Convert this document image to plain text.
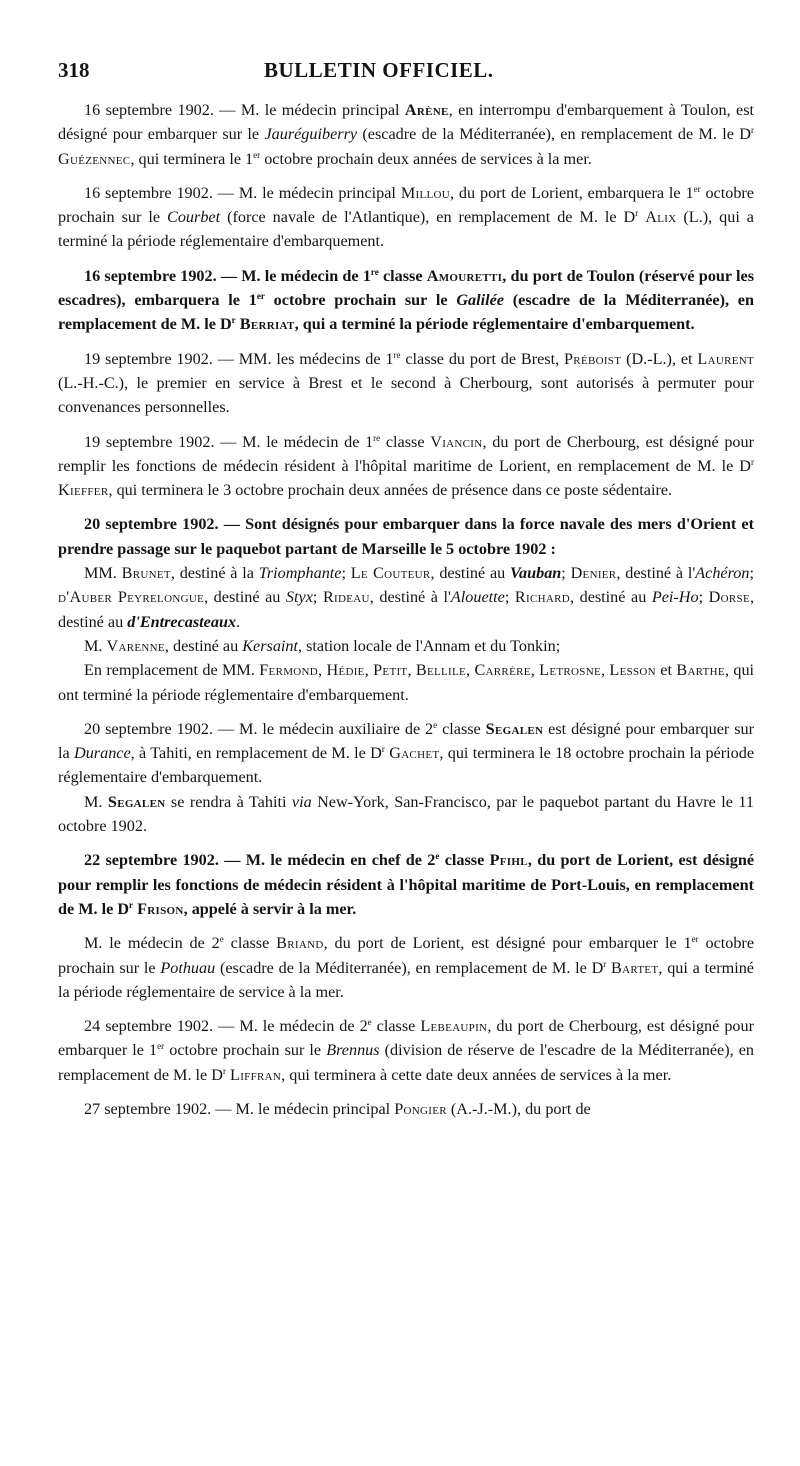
318	BULLETIN OFFICIEL.

16 septembre 1902. — M. le médecin principal Arène, en interrompu d'embarquement à Toulon, est désigné pour embarquer sur le Jauréguiberry (escadre de la Méditerranée), en remplacement de M. le $D^r$ Guézennec, qui terminera le 1er octobre prochain deux années de services à la mer.

16 septembre 1902. — M. le médecin principal Millou, du port de Lorient, embarquera le 1er octobre prochain sur le Courbet (force navale de l'Atlantique), en remplacement de M. le $D^r$ Alix (L.), qui a terminé la période réglementaire d'embarquement.

16 septembre 1902. — M. le médecin de 1re classe Amouretti, du port de Toulon (réservé pour les escadres), embarquera le 1er octobre prochain sur le Galilée (escadre de la Méditerranée), en remplacement de M. le $D^r$ Berriat, qui a terminé la période réglementaire d'embarquement.

19 septembre 1902. — MM. les médecins de 1re classe du port de Brest, Préboist (D.-L.), et Laurent (L.-H.-C.), le premier en service à Brest et le second à Cherbourg, sont autorisés à permuter pour convenances personnelles.

19 septembre 1902. — M. le médecin de 1re classe Viancin, du port de Cherbourg, est désigné pour remplir les fonctions de médecin résident à l'hôpital maritime de Lorient, en remplacement de M. le $D^r$ Kieffer, qui terminera le 3 octobre prochain deux années de présence dans ce poste sédentaire.

20 septembre 1902. — Sont désignés pour embarquer dans la force navale des mers d'Orient et prendre passage sur le paquebot partant de Marseille le 5 octobre 1902 :

MM. Brunet, destiné à la Triomphante; Le Couteur, destiné au Vauban; Denier, destiné à l'Achéron; d'Auber Peyrelongue, destiné au Styx; Rideau, destiné à l'Alouette; Richard, destiné au Pei-Ho; Dorse, destiné au d'Entrecasteaux.

M. Varenne, destiné au Kersaint, station locale de l'Annam et du Tonkin;

En remplacement de MM. Fermond, Hédie, Petit, Bellile, Carrère, Letrosne, Lesson et Barthe, qui ont terminé la période réglementaire d'embarquement.

20 septembre 1902. — M. le médecin auxiliaire de 2e classe Segalen est désigné pour embarquer sur la Durance, à Tahiti, en remplacement de M. le $D^r$ Gachet, qui terminera le 18 octobre prochain la période réglementaire d'embarquement.

M. Segalen se rendra à Tahiti via New-York, San-Francisco, par le paquebot partant du Havre le 11 octobre 1902.

22 septembre 1902. — M. le médecin en chef de 2e classe Pfihl, du port de Lorient, est désigné pour remplir les fonctions de médecin résident à l'hôpital maritime de Port-Louis, en remplacement de M. le $D^r$ Frison, appelé à servir à la mer.

M. le médecin de 2e classe Briand, du port de Lorient, est désigné pour embarquer le 1er octobre prochain sur le Pothuau (escadre de la Méditerranée), en remplacement de M. le $D^r$ Bartet, qui a terminé la période réglementaire de service à la mer.

24 septembre 1902. — M. le médecin de 2e classe Lebeaupin, du port de Cherbourg, est désigné pour embarquer le 1er octobre prochain sur le Brennus (division de réserve de l'escadre de la Méditerranée), en remplacement de M. le $D^r$ Liffran, qui terminera à cette date deux années de services à la mer.

27 septembre 1902. — M. le médecin principal Pongier (A.-J.-M.), du port de
